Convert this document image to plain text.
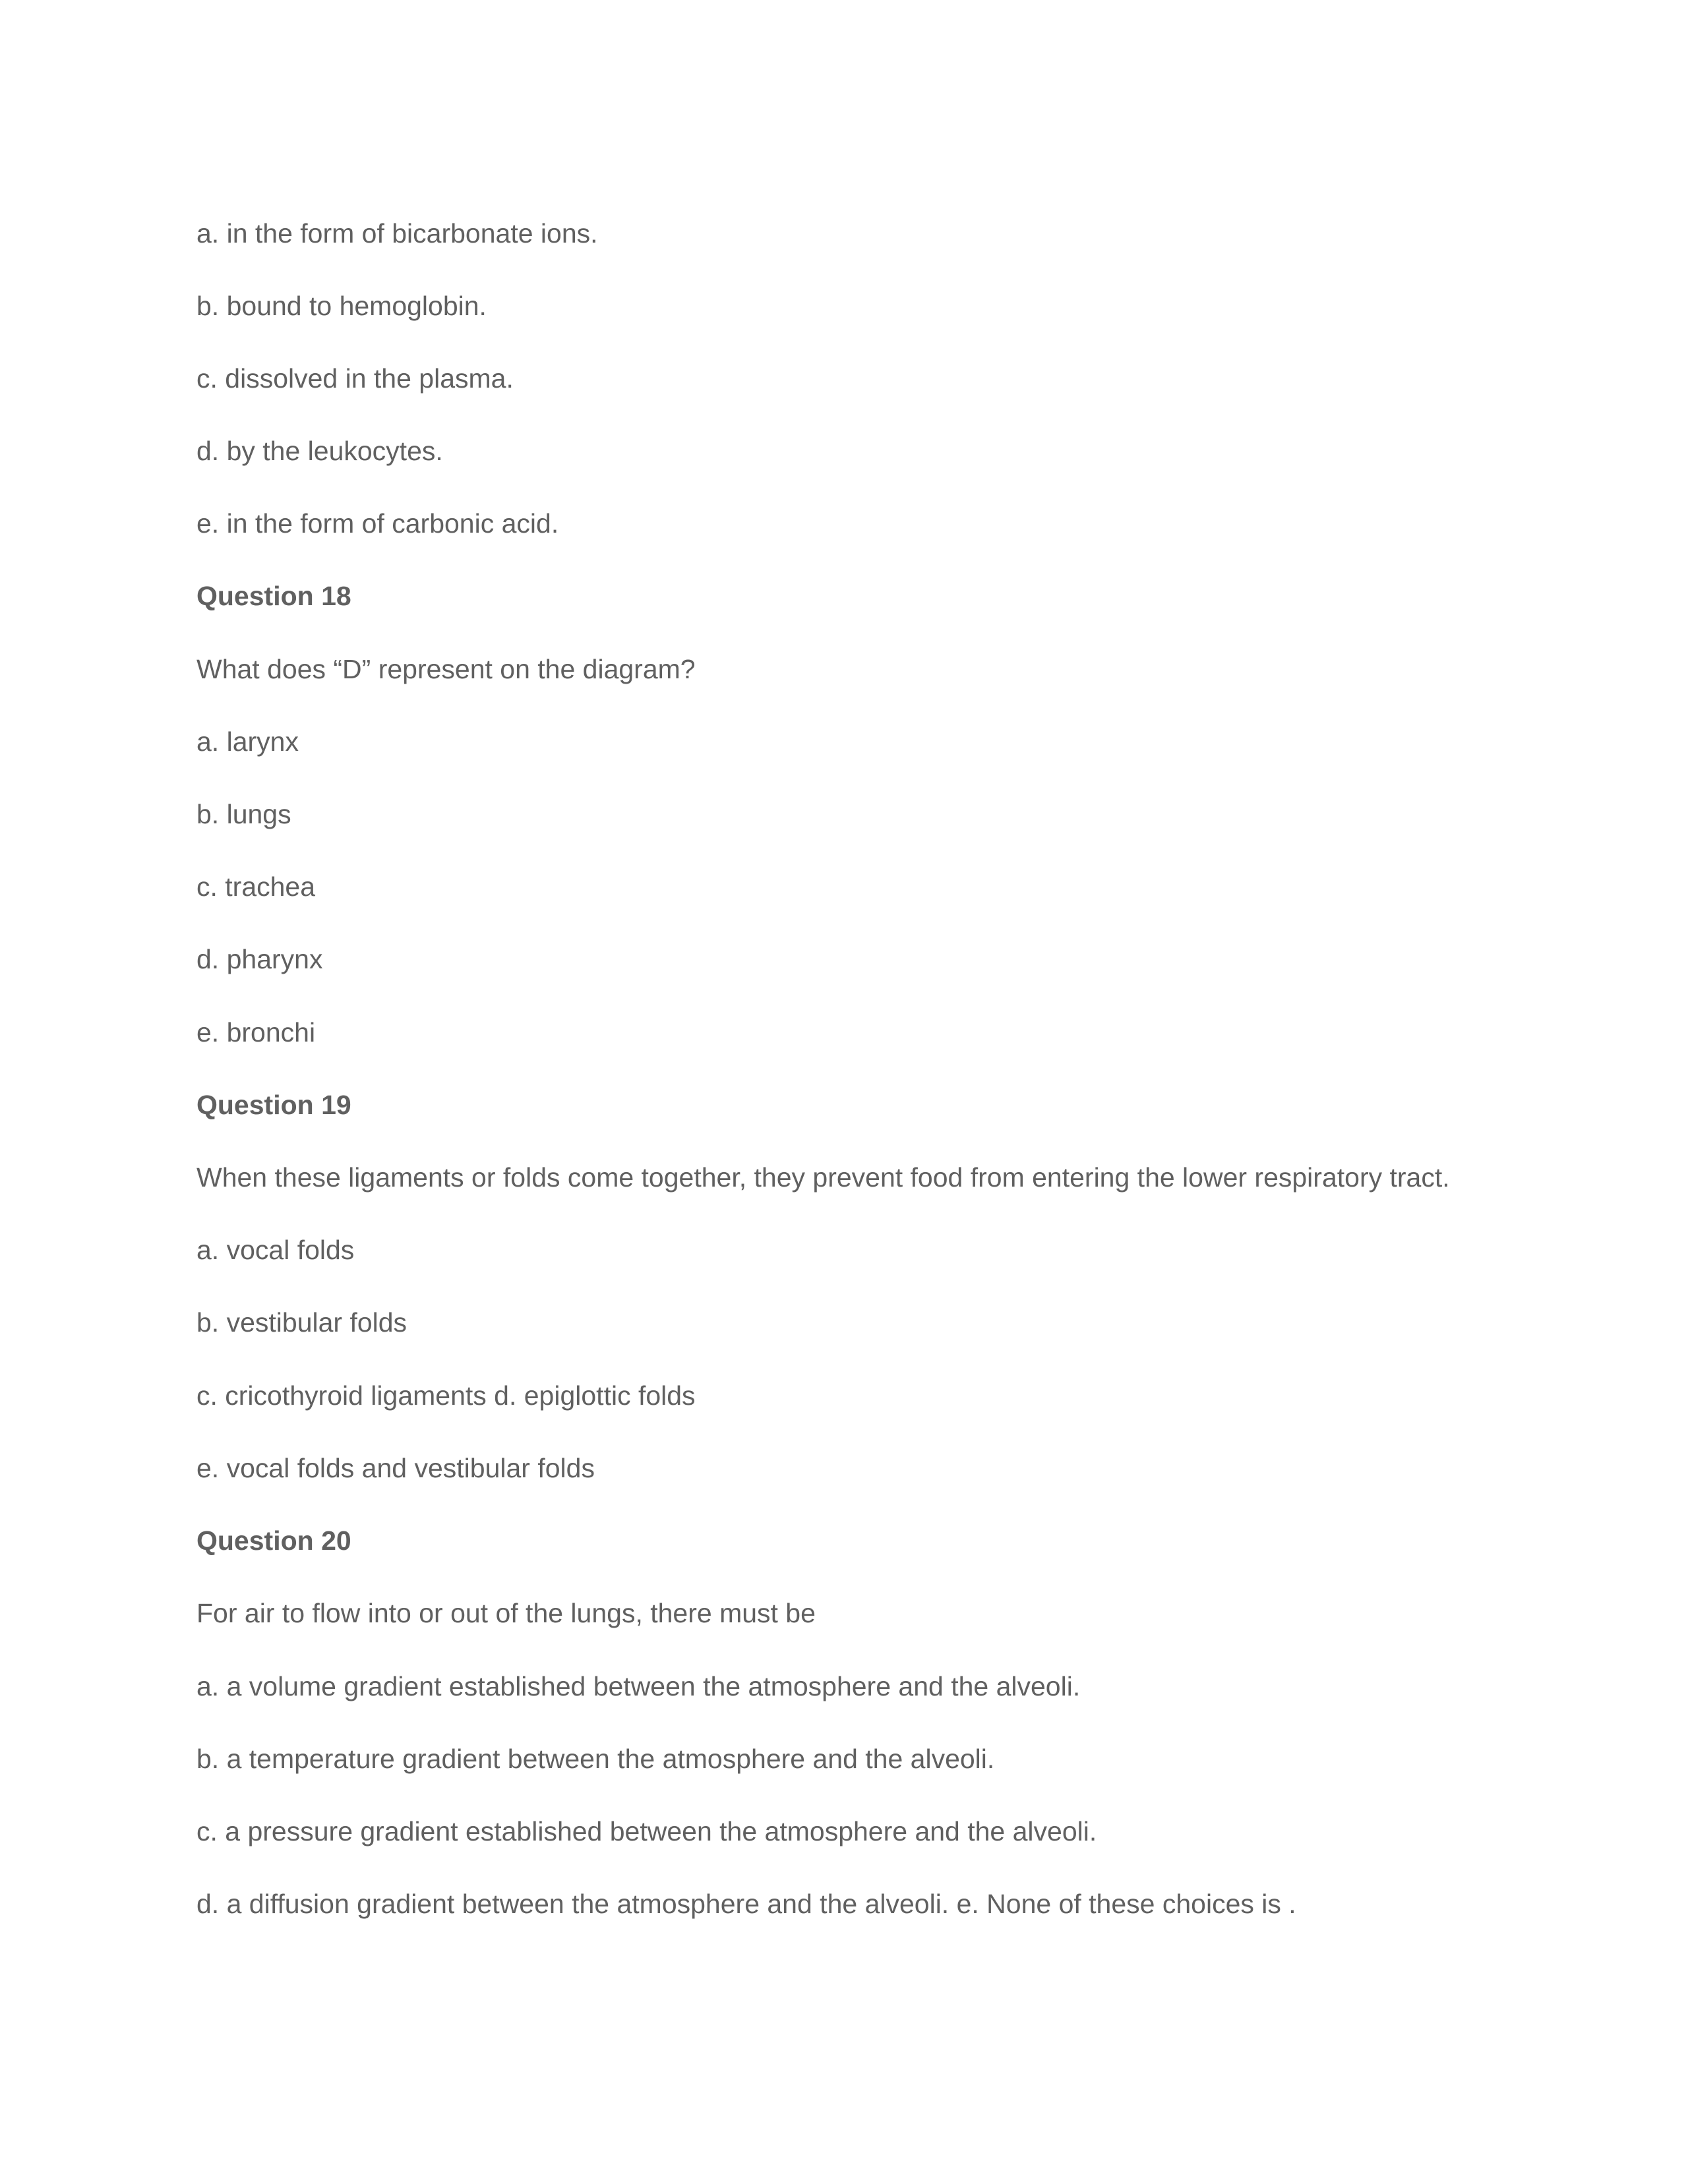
a. in the form of bicarbonate ions.

b. bound to hemoglobin.

c. dissolved in the plasma.

d. by the leukocytes.

e. in the form of carbonic acid.

Question 18

What does “D” represent on the diagram?

a. larynx

b. lungs

c. trachea

d. pharynx

e. bronchi

Question 19

When these ligaments or folds come together, they prevent food from entering the lower respiratory tract.

a. vocal folds

b. vestibular folds

c. cricothyroid ligaments d. epiglottic folds

e. vocal folds and vestibular folds

Question 20

For air to flow into or out of the lungs, there must be

a. a volume gradient established between the atmosphere and the alveoli.

b. a temperature gradient between the atmosphere and the alveoli.

c. a pressure gradient established between the atmosphere and the alveoli.

d. a diffusion gradient between the atmosphere and the alveoli. e. None of these choices is .
